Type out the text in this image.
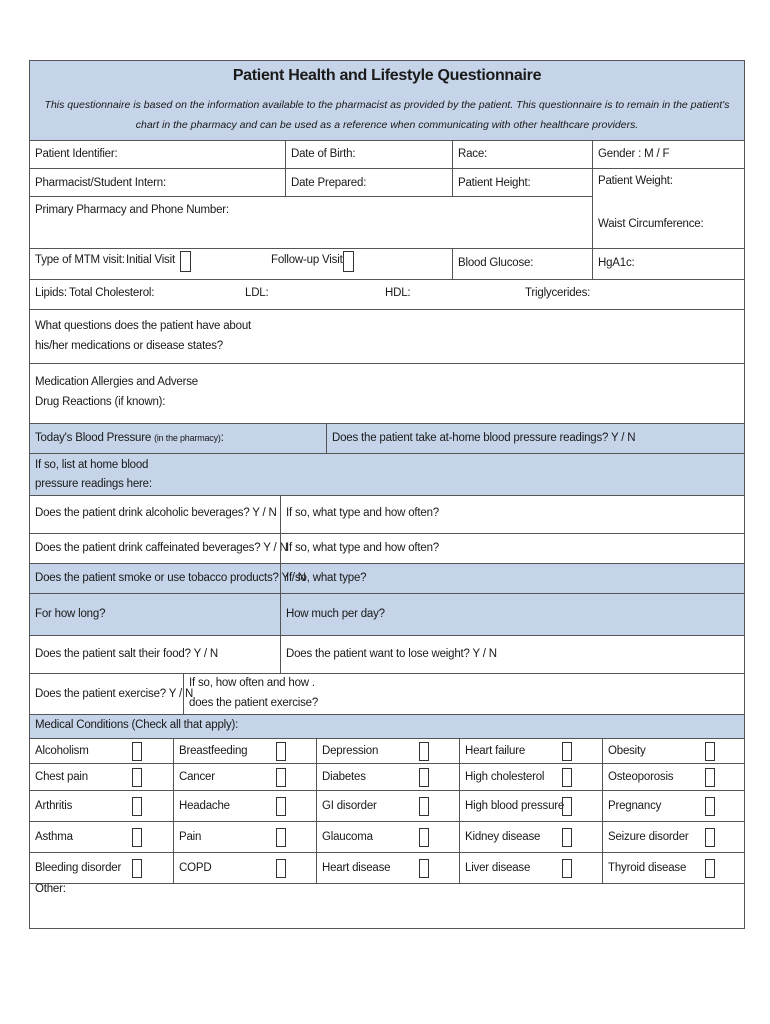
Patient Health and Lifestyle Questionnaire
This questionnaire is based on the information available to the pharmacist as provided by the patient. This questionnaire is to remain in the patient's chart in the pharmacy and can be used as a reference when communicating with other healthcare providers.
Patient Identifier:	Date of Birth:	Race:	Gender : M / F
Pharmacist/Student Intern:	Date Prepared:	Patient Height:
Primary Pharmacy and Phone Number:
Patient Weight:
Waist Circumference:
Type of MTM visit: Initial Visit	Follow-up Visit	Blood Glucose:	HgA1c:
Lipids: Total Cholesterol:	LDL:	HDL:	Triglycerides:
What questions does the patient have about
his/her medications or disease states?
Medication Allergies and Adverse
Drug Reactions (if known):
Today's Blood Pressure (in the pharmacy):	Does the patient take at-home blood pressure readings? Y / N
If so, list at home blood
pressure readings here:
Does the patient drink alcoholic beverages? Y / N If so, what type and how often?
Does the patient drink caffeinated beverages? Y / N
If so, what type and how often?
Does the patient smoke or use tobacco products? Y / N
If so, what type?
For how long?	How much per day?
Does the patient salt their food? Y / N	Does the patient want to lose weight? Y / N
Does the patient exercise? Y / N
If so, how often and how .
does the patient exercise?
Medical Conditions (Check all that apply):
Alcoholism	Breastfeeding	Depression	Heart failure	Obesity
Chest pain	Cancer	Diabetes	High cholesterol	Osteoporosis
Arthritis	Headache	GI disorder	High blood pressure	Pregnancy
Asthma	Pain	Glaucoma	Kidney disease	Seizure disorder
Bleeding disorder	COPD	Heart disease	Liver disease	Thyroid disease
Other:
